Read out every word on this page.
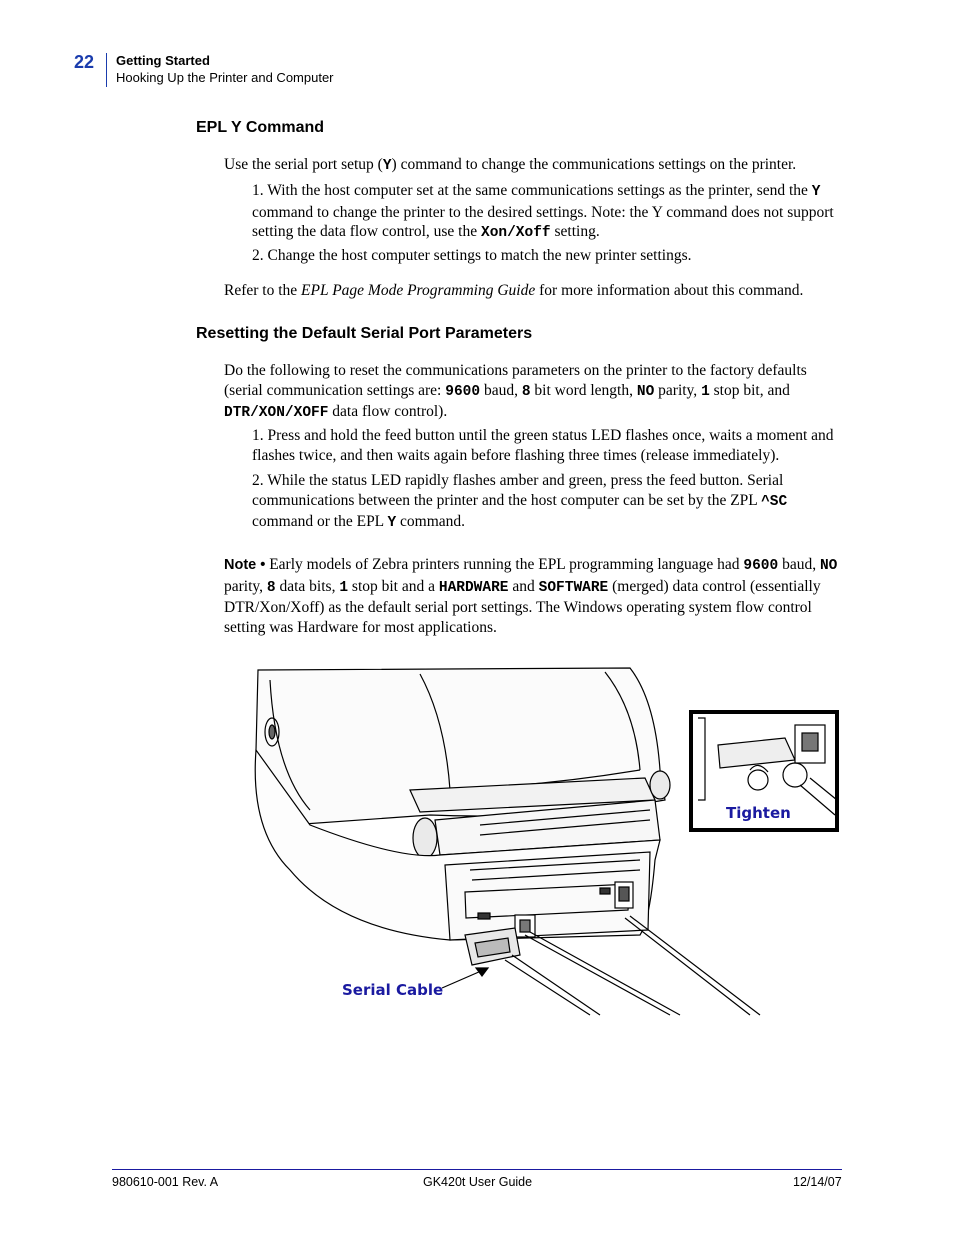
22 Getting Started
Hooking Up the Printer and Computer
EPL Y Command

Use the serial port setup (Y) command to change the communications settings on the printer.

1. With the host computer set at the same communications settings as the printer, send the Y command to change the printer to the desired settings. Note: the Y command does not support setting the data flow control, use the Xon/Xoff setting.

2. Change the host computer settings to match the new printer settings.

Refer to the EPL Page Mode Programming Guide for more information about this command.

Resetting the Default Serial Port Parameters

Do the following to reset the communications parameters on the printer to the factory defaults (serial communication settings are: 9600 baud, 8 bit word length, NO parity, 1 stop bit, and DTR/XON/XOFF data flow control).

1. Press and hold the feed button until the green status LED flashes once, waits a moment and flashes twice, and then waits again before flashing three times (release immediately).

2. While the status LED rapidly flashes amber and green, press the feed button. Serial communications between the printer and the host computer can be set by the ZPL ^SC command or the EPL Y command.

Note • Early models of Zebra printers running the EPL programming language had 9600 baud, NO parity, 8 data bits, 1 stop bit and a HARDWARE and SOFTWARE (merged) data control (essentially DTR/Xon/Xoff) as the default serial port settings. The Windows operating system flow control setting was Hardware for most applications.

Tighten
Serial Cable
980610-001 Rev. A	GK420t User Guide	12/14/07
